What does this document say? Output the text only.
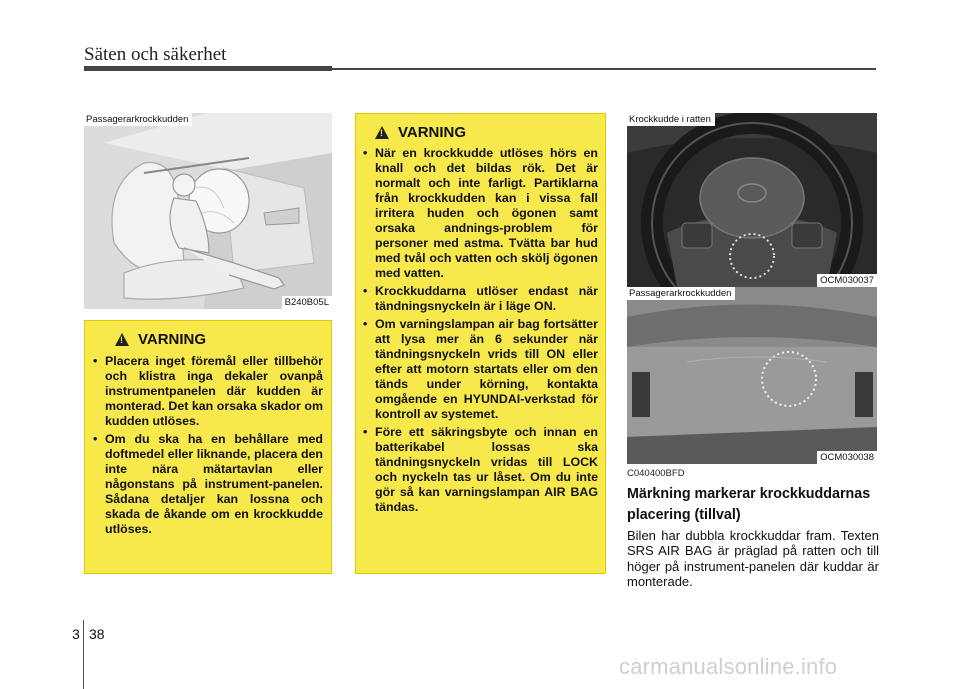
Säten och säkerhet
Passagerarkrockkudden
B240B05L
!
VARNING
• Placera inget föremål eller tillbehör och klistra inga dekaler ovanpå instrumentpanelen där kudden är monterad. Det kan orsaka skador om kudden utlöses.
• Om du ska ha en behållare med doftmedel eller liknande, placera den inte nära mätartavlan eller någonstans på instrument-panelen. Sådana detaljer kan lossna och skada de åkande om en krockkudde utlöses.
!
VARNING
• När en krockkudde utlöses hörs en knall och det bildas rök. Det är normalt och inte farligt. Partiklarna från krockkudden kan i vissa fall irritera huden och ögonen samt orsaka andnings-problem för personer med astma. Tvätta bar hud med tvål och vatten och skölj ögonen med vatten.
• Krockkuddarna utlöser endast när tändningsnyckeln är i läge ON.
• Om varningslampan air bag fortsätter att lysa mer än 6 sekunder när tändningsnyckeln vrids till ON eller efter att motorn startats eller om den tänds under körning, kontakta omgående en HYUNDAI-verkstad för kontroll av systemet.
• Före ett säkringsbyte och innan en batterikabel lossas ska tändningsnyckeln vridas till LOCK och nyckeln tas ur låset. Om du inte gör så kan varningslampan AIR BAG tändas.
Krockkudde i ratten
OCM030037
Passagerarkrockkudden
OCM030038
C040400BFD
Märkning markerar krockkuddarnas placering (tillval)
Bilen har dubbla krockkuddar fram. Texten SRS AIR BAG är präglad på ratten och till höger på instrument-panelen där kuddar är monterade.
3 38
carmanualsonline.info
